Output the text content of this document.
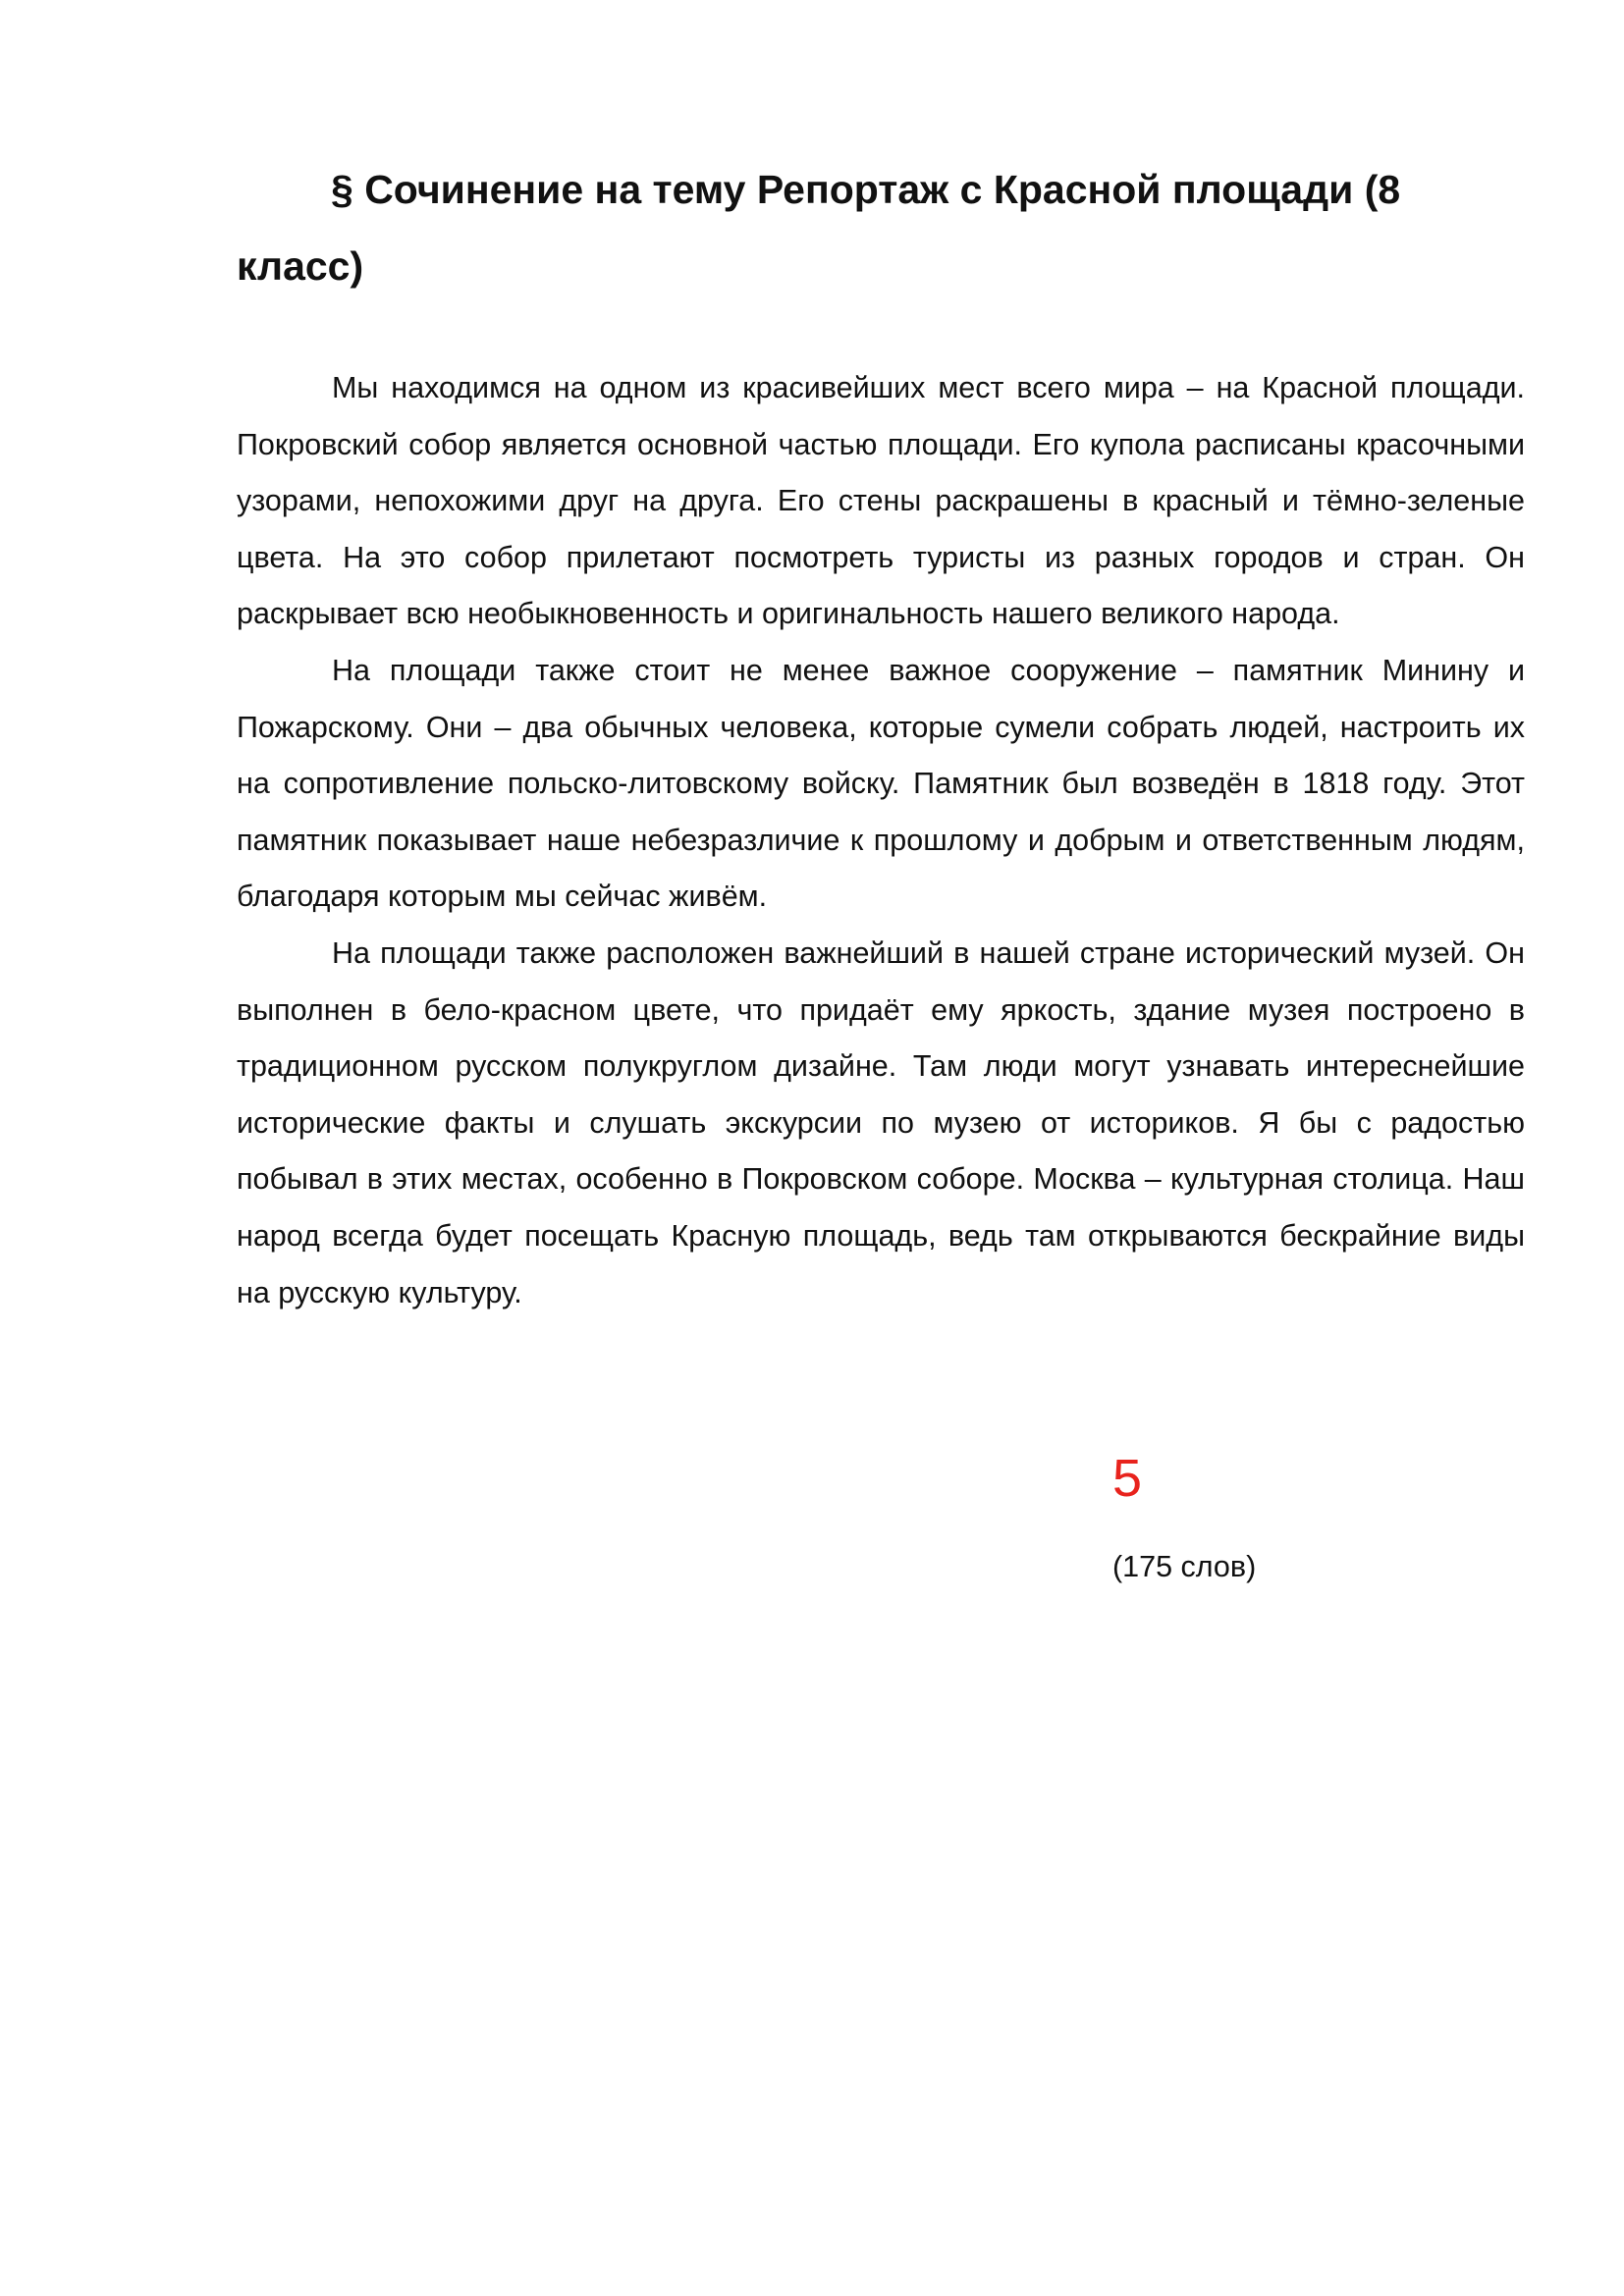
§ Сочинение на тему Репортаж с Красной площади (8 класс)

Мы находимся на одном из красивейших мест всего мира – на Красной площади. Покровский собор является основной частью площади. Его купола расписаны красочными узорами, непохожими друг на друга. Его стены раскрашены в красный и тёмно-зеленые цвета. На это собор прилетают посмотреть туристы из разных городов и стран. Он раскрывает всю необыкновенность и оригинальность нашего великого народа.

На площади также стоит не менее важное сооружение – памятник Минину и Пожарскому. Они – два обычных человека, которые сумели собрать людей, настроить их на сопротивление польско-литовскому войску. Памятник был возведён в 1818 году. Этот памятник показывает наше небезразличие к прошлому и добрым и ответственным людям, благодаря которым мы сейчас живём.

На площади также расположен важнейший в нашей стране исторический музей. Он выполнен в бело-красном цвете, что придаёт ему яркость, здание музея построено в традиционном русском полукруглом дизайне. Там люди могут узнавать интереснейшие исторические факты и слушать экскурсии по музею от историков. Я бы с радостью побывал в этих местах, особенно в Покровском соборе. Москва – культурная столица. Наш народ всегда будет посещать Красную площадь, ведь там открываются бескрайние виды на русскую культуру.

5
(175 слов)
